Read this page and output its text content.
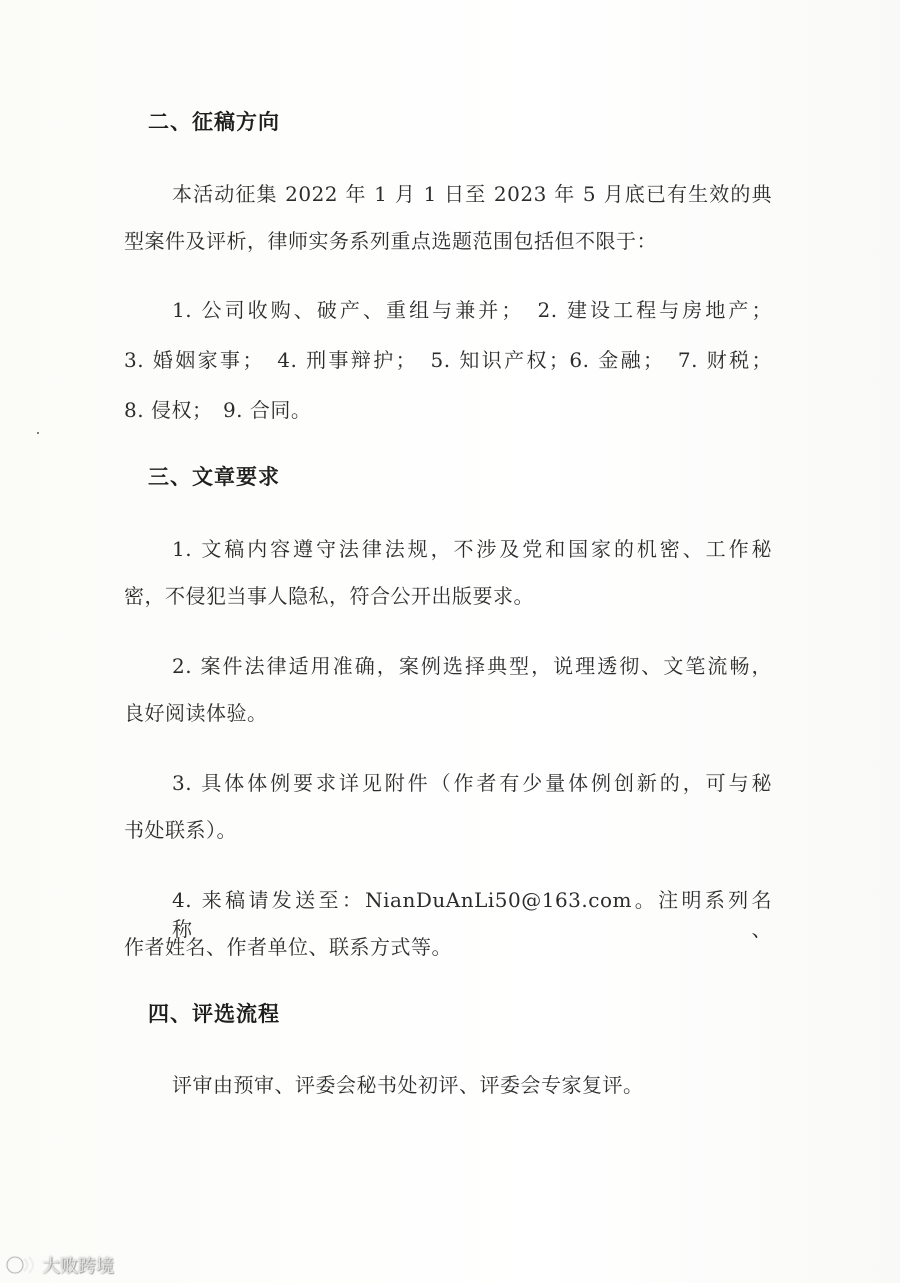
二、征稿方向
本活动征集 2022 年 1 月 1 日至 2023 年 5 月底已有生效的典
型案件及评析，律师实务系列重点选题范围包括但不限于：
1. 公司收购、破产、重组与兼并；　2. 建设工程与房地产；
3. 婚姻家事；　4. 刑事辩护；　5. 知识产权；6. 金融；　7. 财税；
8. 侵权；　9. 合同。
三、文章要求
1. 文稿内容遵守法律法规，不涉及党和国家的机密、工作秘
密，不侵犯当事人隐私，符合公开出版要求。
2. 案件法律适用准确，案例选择典型，说理透彻、文笔流畅，
良好阅读体验。
3. 具体体例要求详见附件（作者有少量体例创新的，可与秘
书处联系）。
4. 来稿请发送至：NianDuAnLi50@163.com。注明系列名称、
作者姓名、作者单位、联系方式等。
四、评选流程
评审由预审、评委会秘书处初评、评委会专家复评。
大败跨境
